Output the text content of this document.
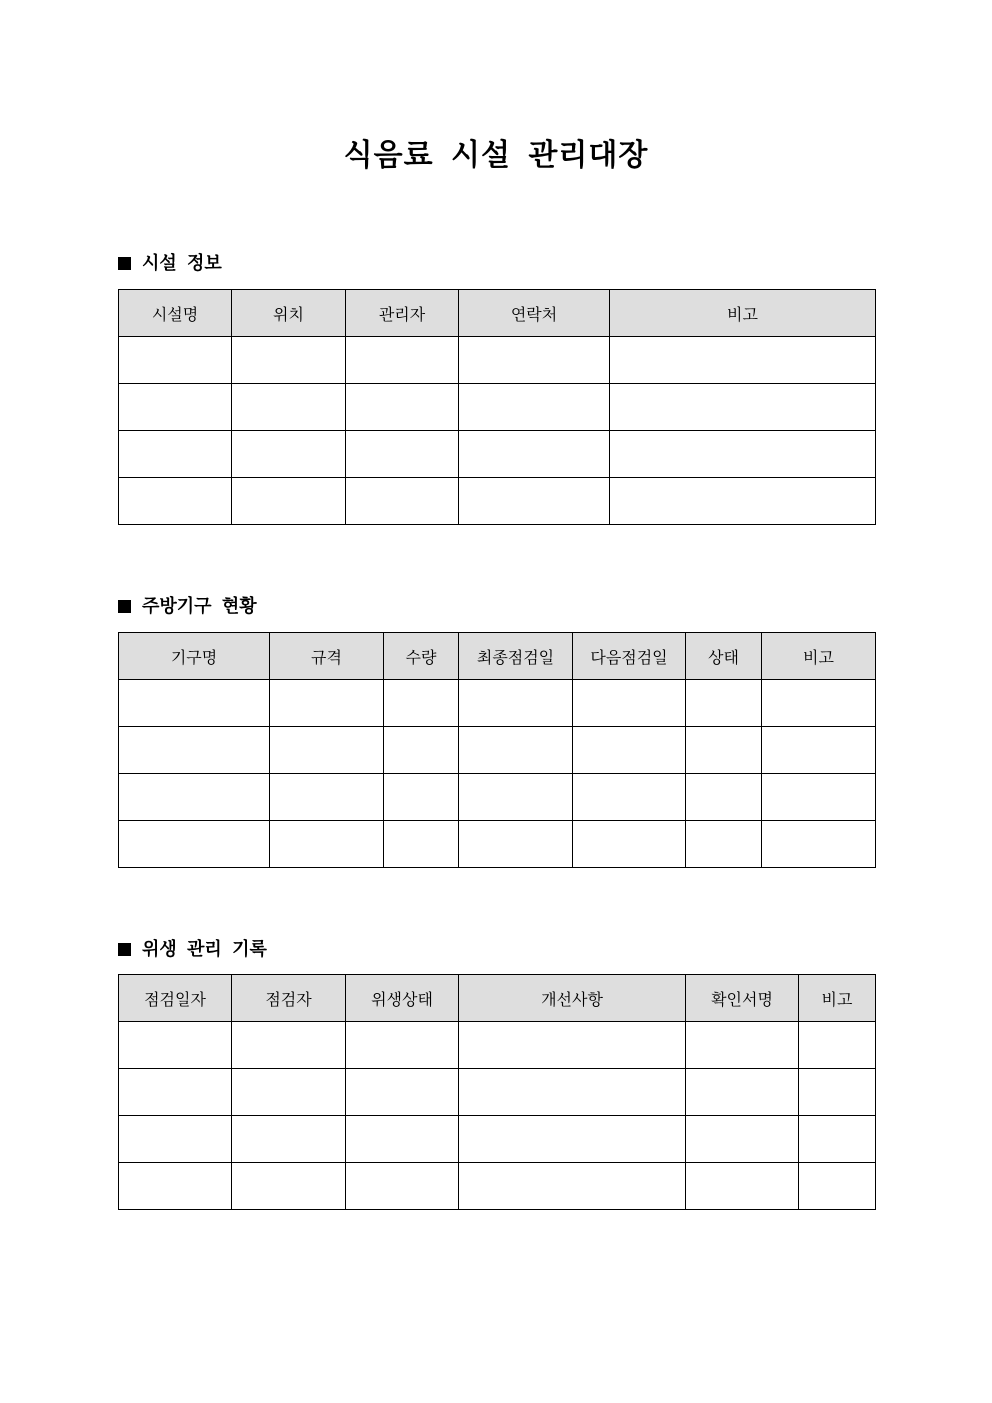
식음료 시설 관리대장
시설 정보
시설명	위치	관리자	연락처	비고

주방기구 현황
기구명	규격	수량	최종점검일	다음점검일	상태	비고

위생 관리 기록
점검일자	점검자	위생상태	개선사항	확인서명	비고
